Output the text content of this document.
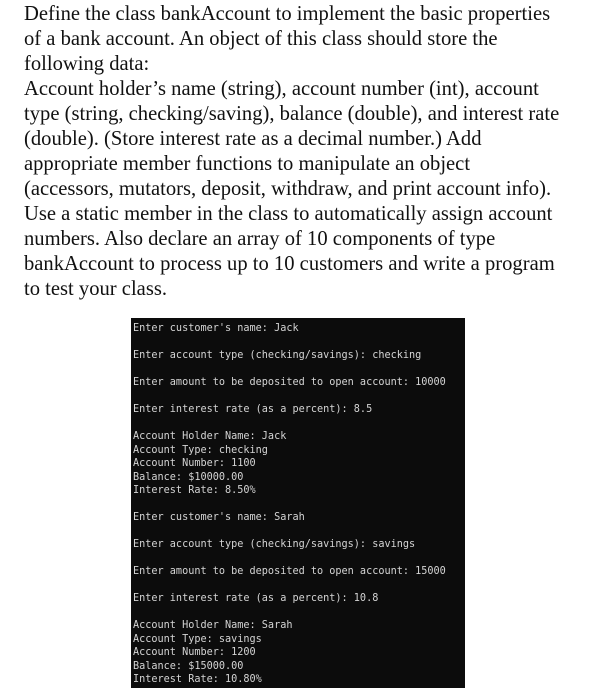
Define the class bankAccount to implement the basic properties
of a bank account. An object of this class should store the
following data:
Account holder’s name (string), account number (int), account
type (string, checking/saving), balance (double), and interest rate
(double). (Store interest rate as a decimal number.) Add
appropriate member functions to manipulate an object
(accessors, mutators, deposit, withdraw, and print account info).
Use a static member in the class to automatically assign account
numbers. Also declare an array of 10 components of type
bankAccount to process up to 10 customers and write a program
to test your class.
Enter customer's name: Jack
Enter account type (checking/savings): checking
Enter amount to be deposited to open account: 10000
Enter interest rate (as a percent): 8.5
Account Holder Name: Jack
Account Type: checking
Account Number: 1100
Balance: $10000.00
Interest Rate: 8.50%
Enter customer's name: Sarah
Enter account type (checking/savings): savings
Enter amount to be deposited to open account: 15000
Enter interest rate (as a percent): 10.8
Account Holder Name: Sarah
Account Type: savings
Account Number: 1200
Balance: $15000.00
Interest Rate: 10.80%
